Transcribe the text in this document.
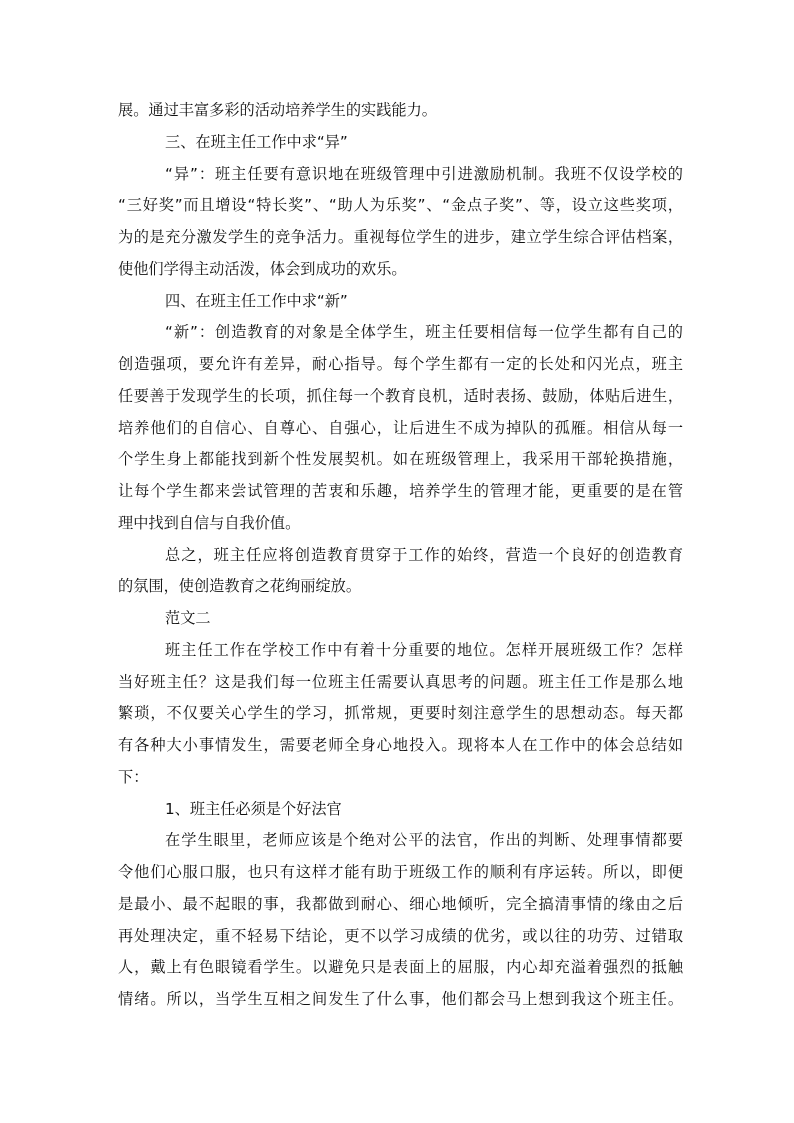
展。通过丰富多彩的活动培养学生的实践能力。
三、在班主任工作中求“异”
“异”：班主任要有意识地在班级管理中引进激励机制。我班不仅设学校的
“三好奖”而且增设“特长奖”、“助人为乐奖”、“金点子奖”、等，设立这些奖项，
为的是充分激发学生的竞争活力。重视每位学生的进步，建立学生综合评估档案，
使他们学得主动活泼，体会到成功的欢乐。
四、在班主任工作中求“新”
“新”：创造教育的对象是全体学生，班主任要相信每一位学生都有自己的
创造强项，要允许有差异，耐心指导。每个学生都有一定的长处和闪光点，班主
任要善于发现学生的长项，抓住每一个教育良机，适时表扬、鼓励，体贴后进生，
培养他们的自信心、自尊心、自强心，让后进生不成为掉队的孤雁。相信从每一
个学生身上都能找到新个性发展契机。如在班级管理上，我采用干部轮换措施，
让每个学生都来尝试管理的苦衷和乐趣，培养学生的管理才能，更重要的是在管
理中找到自信与自我价值。
总之，班主任应将创造教育贯穿于工作的始终，营造一个良好的创造教育
的氛围，使创造教育之花绚丽绽放。
范文二
班主任工作在学校工作中有着十分重要的地位。怎样开展班级工作？怎样
当好班主任？这是我们每一位班主任需要认真思考的问题。班主任工作是那么地
繁琐，不仅要关心学生的学习，抓常规，更要时刻注意学生的思想动态。每天都
有各种大小事情发生，需要老师全身心地投入。现将本人在工作中的体会总结如
下：
1、班主任必须是个好法官
在学生眼里，老师应该是个绝对公平的法官，作出的判断、处理事情都要
令他们心服口服，也只有这样才能有助于班级工作的顺利有序运转。所以，即便
是最小、最不起眼的事，我都做到耐心、细心地倾听，完全搞清事情的缘由之后
再处理决定，重不轻易下结论，更不以学习成绩的优劣，或以往的功劳、过错取
人，戴上有色眼镜看学生。以避免只是表面上的屈服，内心却充溢着强烈的抵触
情绪。所以，当学生互相之间发生了什么事，他们都会马上想到我这个班主任。
